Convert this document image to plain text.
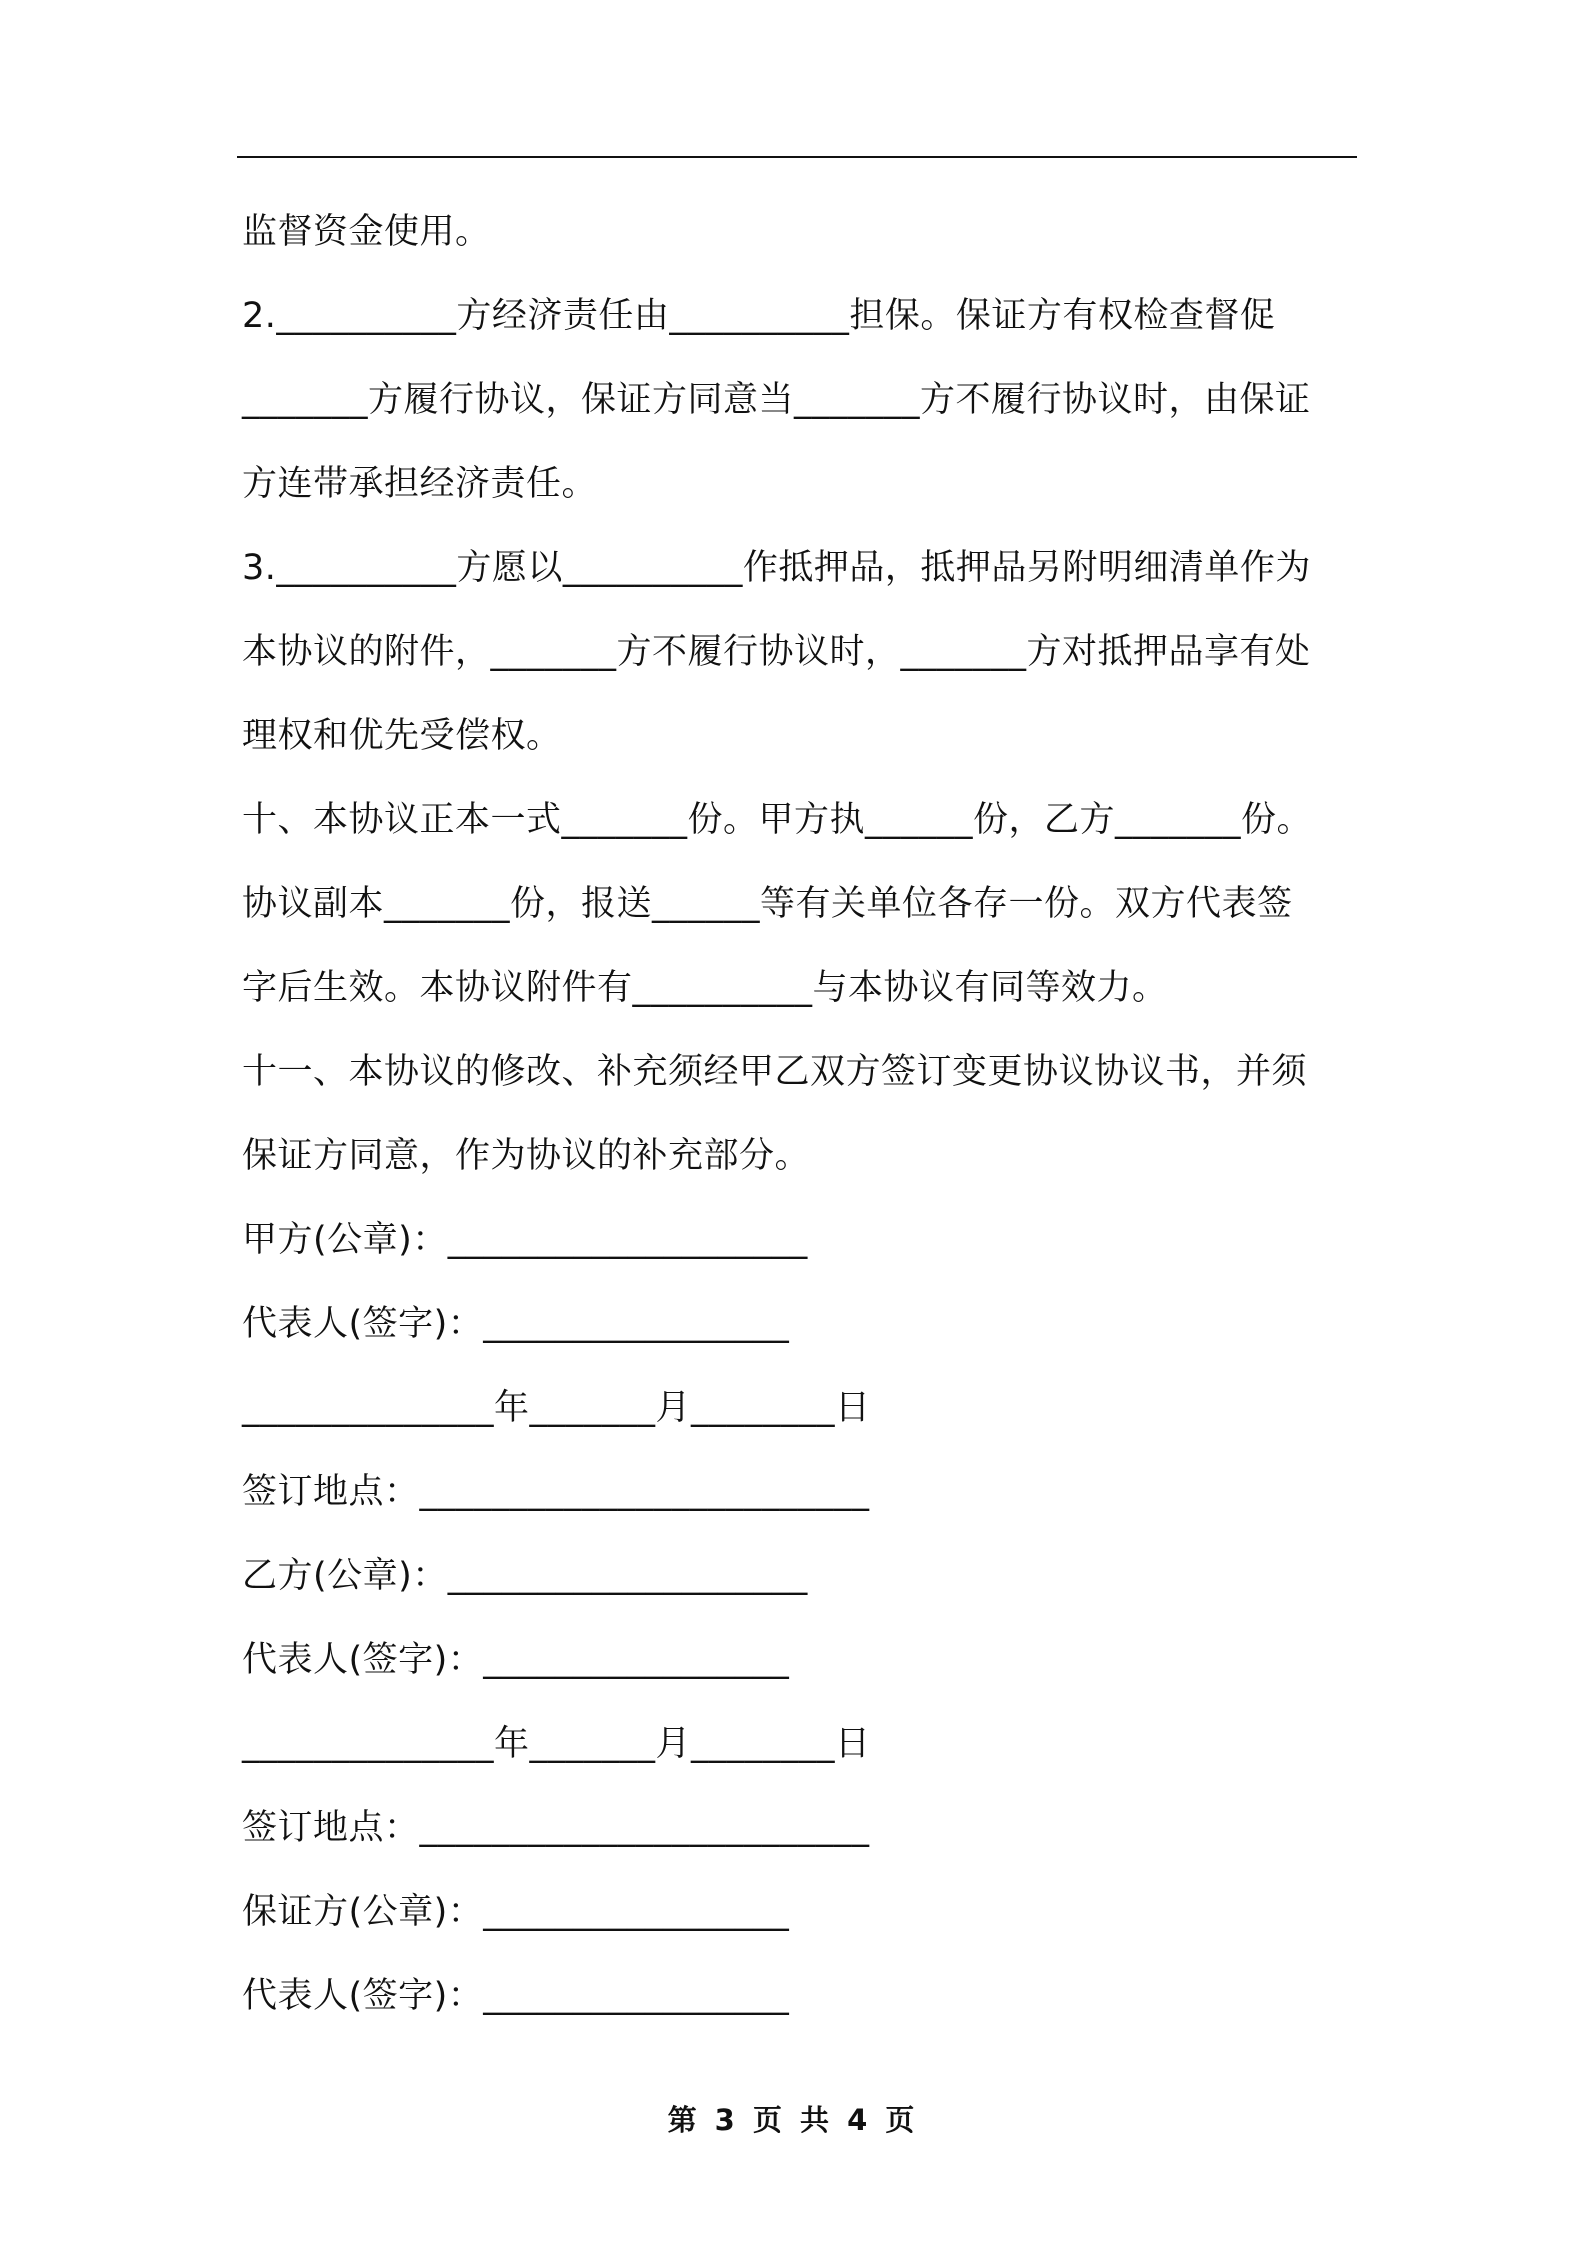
监督资金使用。
2.__________方经济责任由__________担保。保证方有权检查督促
_______方履行协议，保证方同意当_______方不履行协议时，由保证
方连带承担经济责任。
3.__________方愿以__________作抵押品，抵押品另附明细清单作为
本协议的附件，_______方不履行协议时，_______方对抵押品享有处
理权和优先受偿权。
十、本协议正本一式_______份。甲方执______份，乙方_______份。
协议副本_______份，报送______等有关单位各存一份。双方代表签
字后生效。本协议附件有__________与本协议有同等效力。
十一、本协议的修改、补充须经甲乙双方签订变更协议协议书，并须
保证方同意，作为协议的补充部分。
甲方(公章)：____________________
代表人(签字)：_________________
______________年_______月________日
签订地点：_________________________
乙方(公章)：____________________
代表人(签字)：_________________
______________年_______月________日
签订地点：_________________________
保证方(公章)：_________________
代表人(签字)：_________________
第 3 页 共 4 页
